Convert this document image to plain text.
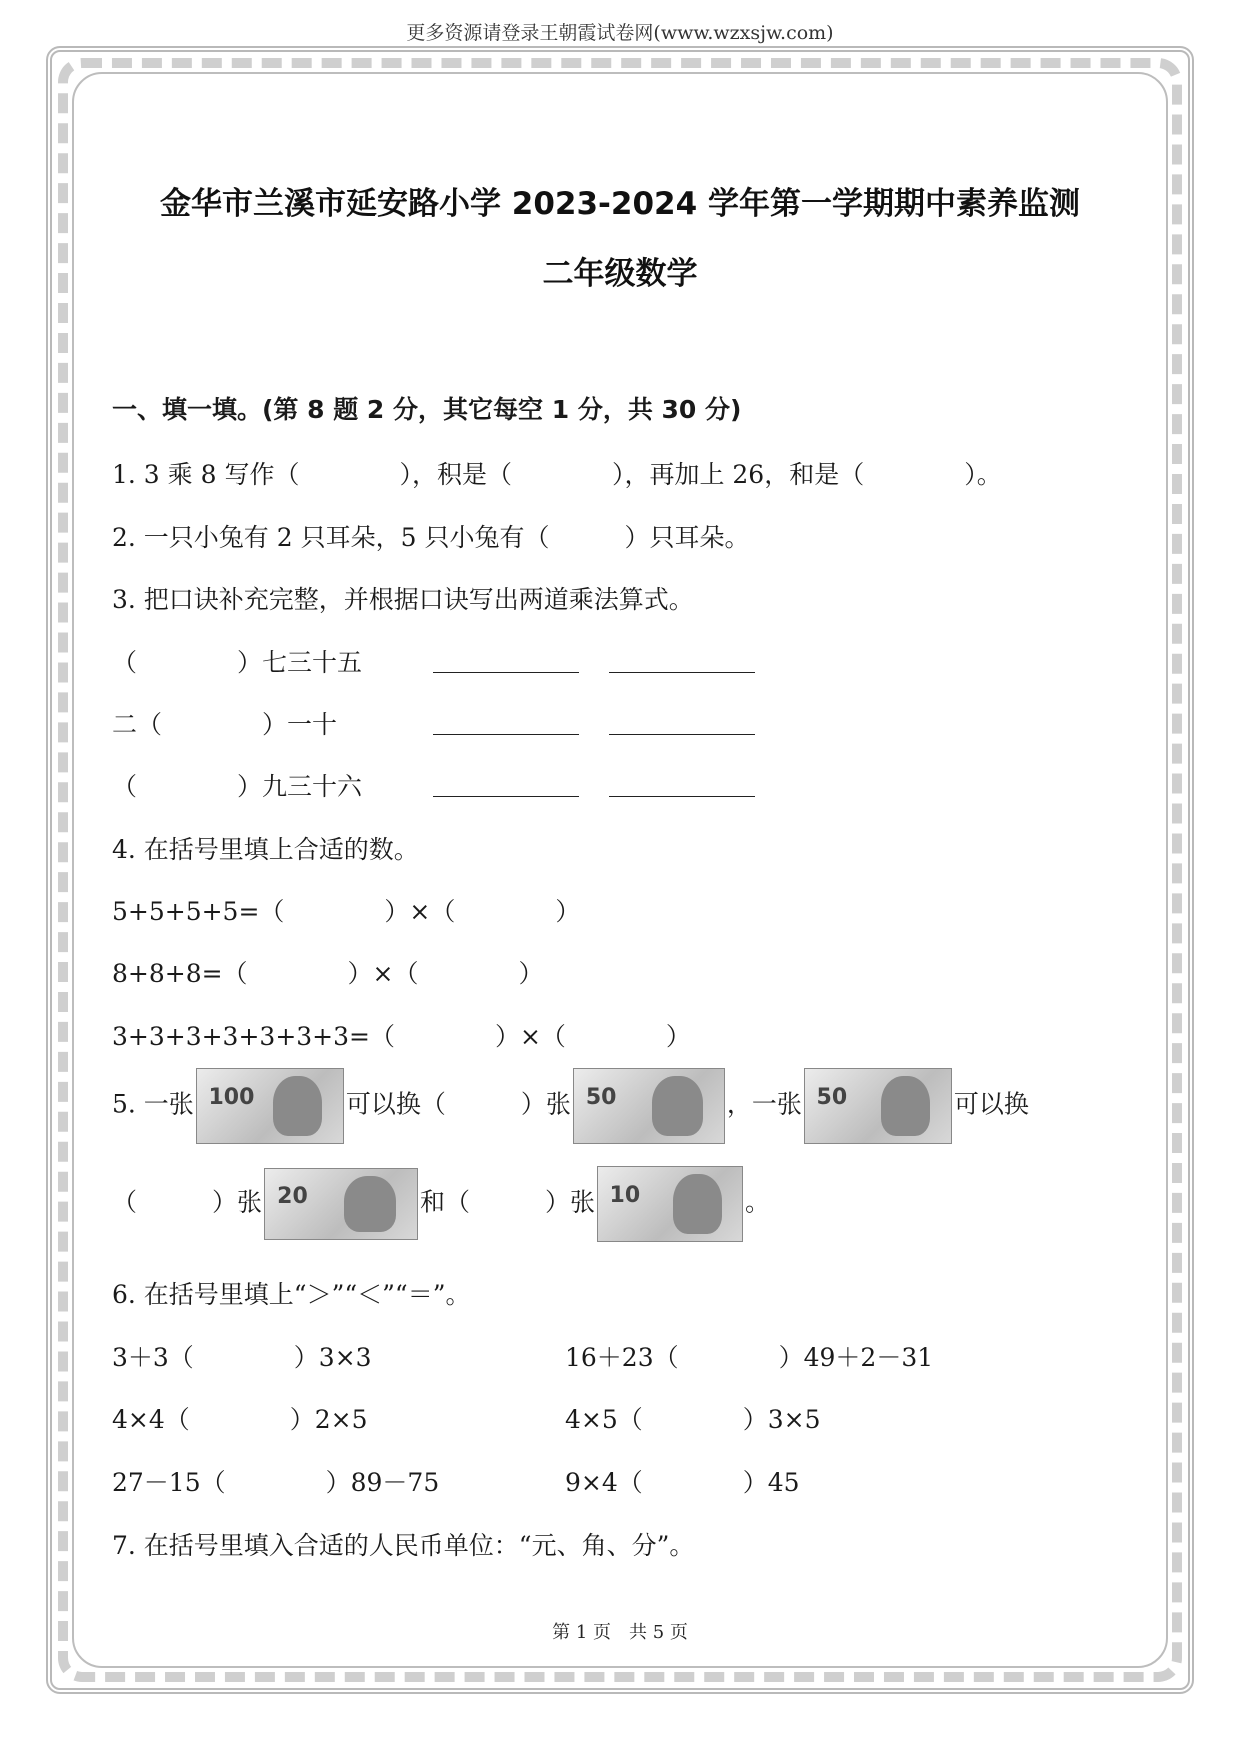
更多资源请登录王朝霞试卷网(www.wzxsjw.com)
金华市兰溪市延安路小学 2023-2024 学年第一学期期中素养监测
二年级数学
一、填一填。(第 8 题 2 分，其它每空 1 分，共 30 分)
1. 3 乘 8 写作（　　　　），积是（　　　　），再加上 26，和是（　　　　）。
2. 一只小兔有 2 只耳朵，5 只小兔有（　　　）只耳朵。
3. 把口诀补充完整，并根据口诀写出两道乘法算式。
（　　　　）七三十五
二（　　　　）一十
（　　　　）九三十六
4. 在括号里填上合适的数。
5+5+5+5=（　　　　）×（　　　　）
8+8+8=（　　　　）×（　　　　）
3+3+3+3+3+3+3=（　　　　）×（　　　　）
5. 一张 100	可以换（　　　）张 50	，一张 50	可以换
（　　　）张 20	和（　　　）张 10	。
6. 在括号里填上“＞”“＜”“＝”。
3＋3（　　　　）3×3	16＋23（　　　　）49＋2－31
4×4（　　　　）2×5	4×5（　　　　）3×5
27－15（　　　　）89－75	9×4（　　　　）45
7. 在括号里填入合适的人民币单位：“元、角、分”。
第 1 页　共 5 页
